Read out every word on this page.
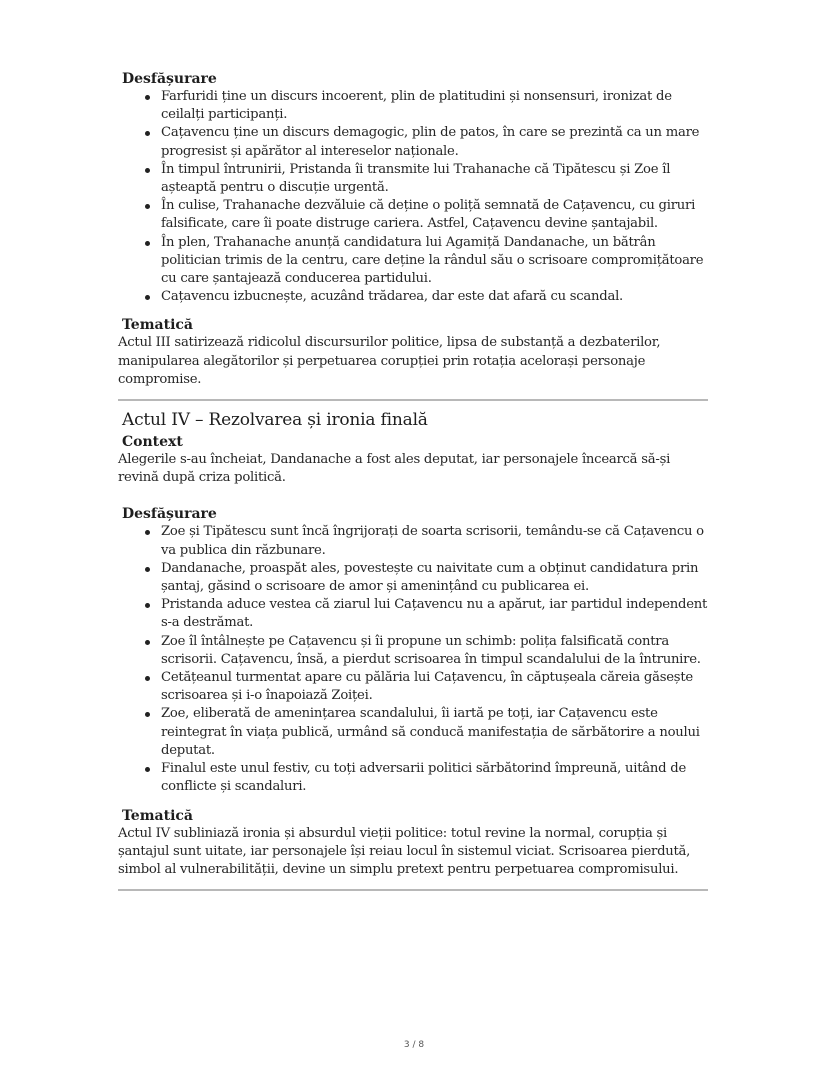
Desfășurare
Farfuridi ține un discurs incoerent, plin de platitudini și nonsensuri, ironizat de ceilalți participanți.
Cațavencu ține un discurs demagogic, plin de patos, în care se prezintă ca un mare progresist și apărător al intereselor naționale.
În timpul întrunirii, Pristanda îi transmite lui Trahanache că Tipătescu și Zoe îl așteaptă pentru o discuție urgentă.
În culise, Trahanache dezvăluie că deține o poliță semnată de Cațavencu, cu giruri falsificate, care îi poate distruge cariera. Astfel, Cațavencu devine șantajabil.
În plen, Trahanache anunță candidatura lui Agamiță Dandanache, un bătrân politician trimis de la centru, care deține la rândul său o scrisoare compromițătoare cu care șantajează conducerea partidului.
Cațavencu izbucnește, acuzând trădarea, dar este dat afară cu scandal.
Tematică

Actul III satirizează ridicolul discursurilor politice, lipsa de substanță a dezbaterilor, manipularea alegătorilor și perpetuarea corupției prin rotația acelorași personaje compromise.

Actul IV – Rezolvarea și ironia finală
Context

Alegerile s-au încheiat, Dandanache a fost ales deputat, iar personajele încearcă să-și revină după criza politică.

Desfășurare
Zoe și Tipătescu sunt încă îngrijorați de soarta scrisorii, temându-se că Cațavencu o va publica din răzbunare.
Dandanache, proaspăt ales, povestește cu naivitate cum a obținut candidatura prin șantaj, găsind o scrisoare de amor și amenințând cu publicarea ei.
Pristanda aduce vestea că ziarul lui Cațavencu nu a apărut, iar partidul independent s-a destrămat.
Zoe îl întâlnește pe Cațavencu și îi propune un schimb: polița falsificată contra scrisorii. Cațavencu, însă, a pierdut scrisoarea în timpul scandalului de la întrunire.
Cetățeanul turmentat apare cu pălăria lui Cațavencu, în căptușeala căreia găsește scrisoarea și i-o înapoiază Zoiței.
Zoe, eliberată de amenințarea scandalului, îi iartă pe toți, iar Cațavencu este reintegrat în viața publică, urmând să conducă manifestația de sărbătorire a noului deputat.
Finalul este unul festiv, cu toți adversarii politici sărbătorind împreună, uitând de conflicte și scandaluri.
Tematică

Actul IV subliniază ironia și absurdul vieții politice: totul revine la normal, corupția și șantajul sunt uitate, iar personajele își reiau locul în sistemul viciat. Scrisoarea pierdută, simbol al vulnerabilității, devine un simplu pretext pentru perpetuarea compromisului.

3 / 8
